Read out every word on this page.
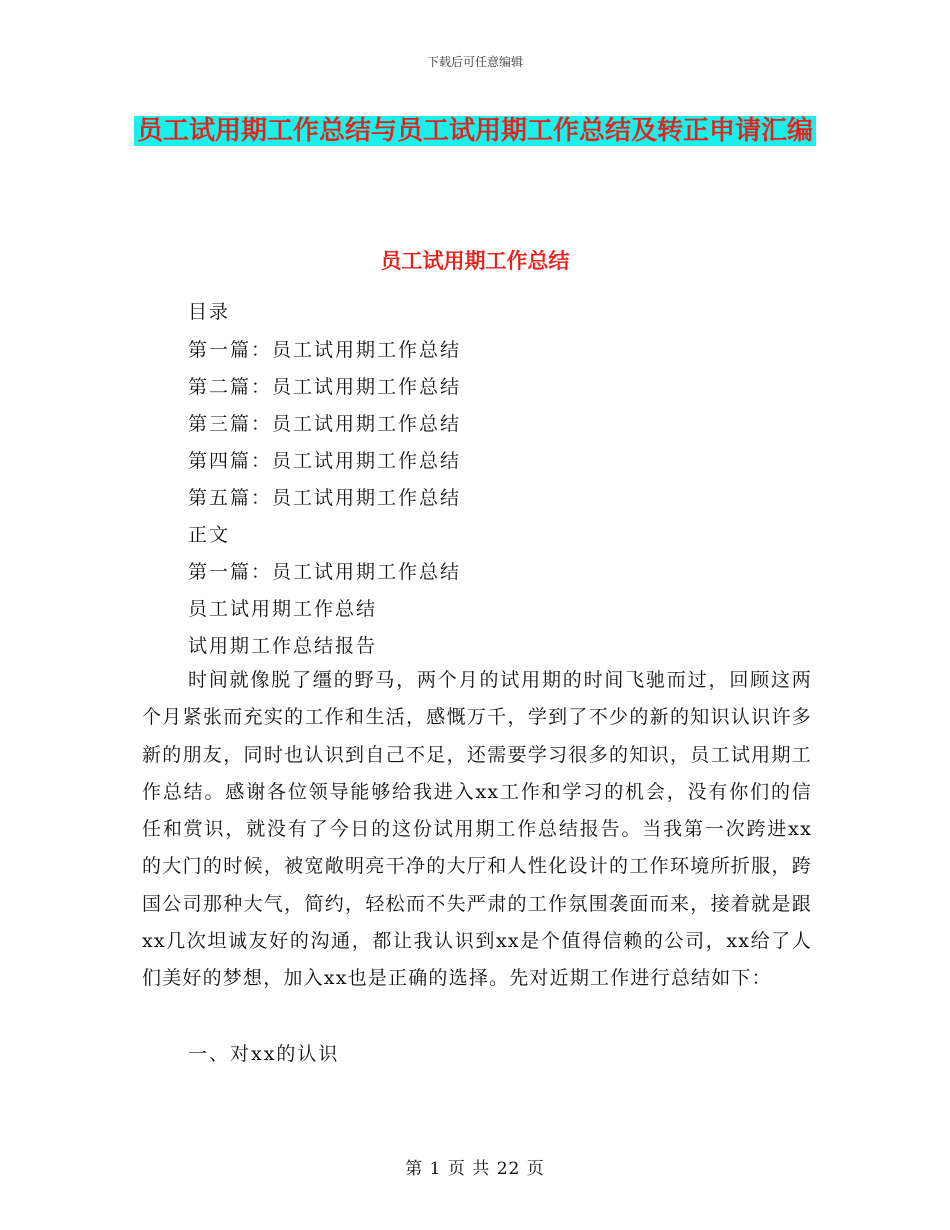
下载后可任意编辑
员工试用期工作总结与员工试用期工作总结及转正申请汇编
员工试用期工作总结
目录
第一篇：员工试用期工作总结
第二篇：员工试用期工作总结
第三篇：员工试用期工作总结
第四篇：员工试用期工作总结
第五篇：员工试用期工作总结
正文
第一篇：员工试用期工作总结
员工试用期工作总结
试用期工作总结报告
时间就像脱了缰的野马，两个月的试用期的时间飞驰而过，回顾这两个月紧张而充实的工作和生活，感慨万千，学到了不少的新的知识认识许多新的朋友，同时也认识到自己不足，还需要学习很多的知识，员工试用期工作总结。感谢各位领导能够给我进入xx工作和学习的机会，没有你们的信任和赏识，就没有了今日的这份试用期工作总结报告。当我第一次跨进xx的大门的时候，被宽敞明亮干净的大厅和人性化设计的工作环境所折服，跨国公司那种大气，简约，轻松而不失严肃的工作氛围袭面而来，接着就是跟xx几次坦诚友好的沟通，都让我认识到xx是个值得信赖的公司，xx给了人们美好的梦想，加入xx也是正确的选择。先对近期工作进行总结如下：
一、对xx的认识
第 1 页 共 22 页
